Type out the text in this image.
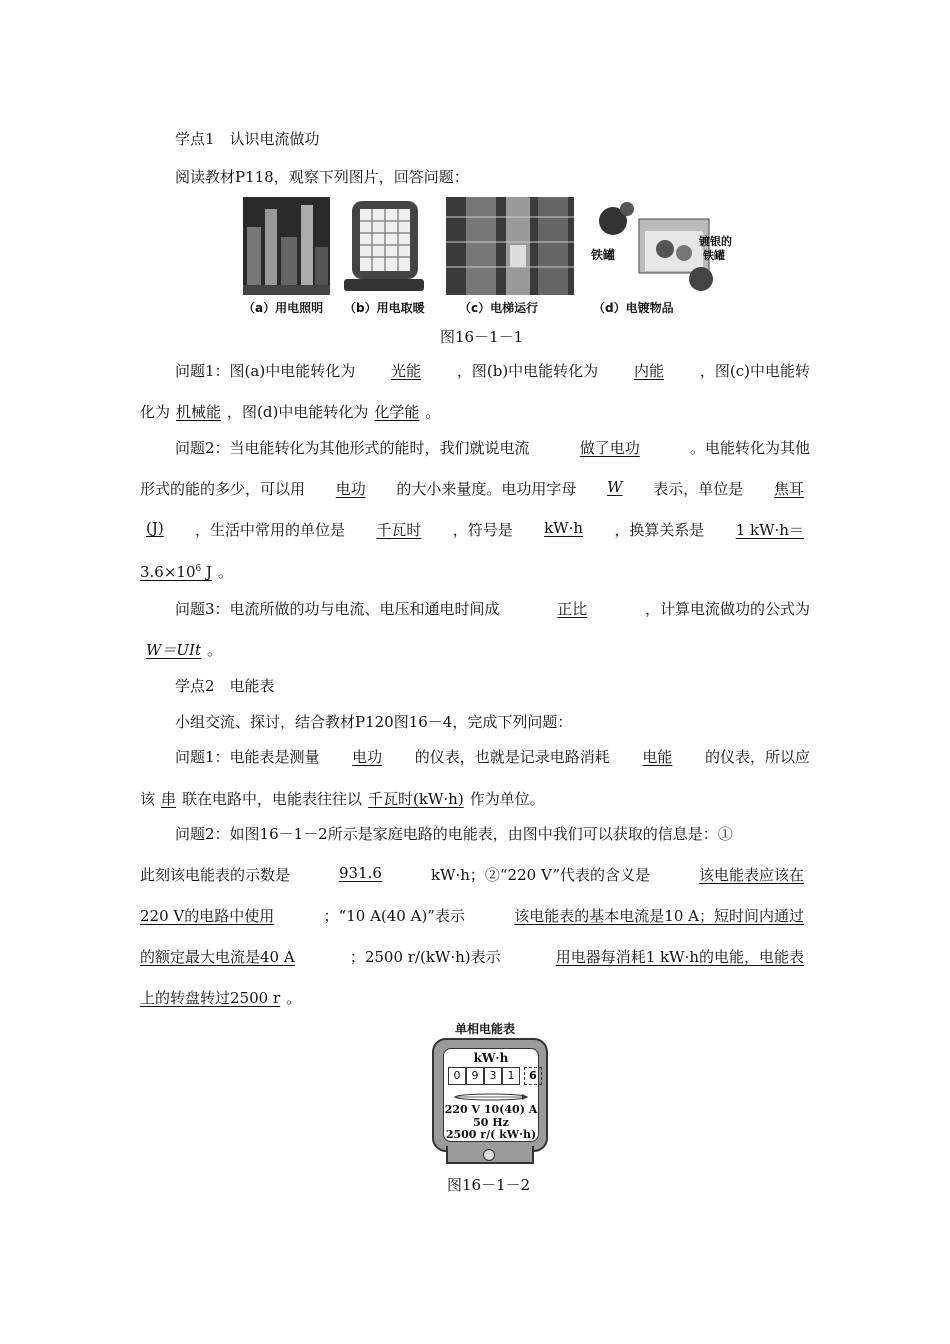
学点1　认识电流做功
阅读教材P118，观察下列图片，回答问题：
铁罐
镀银的
铁罐
（a）用电照明 （b）用电取暖	（c）电梯运行	（d）电镀物品
图16－1－1
问题1：图(a)中电能转化为	光能	，图(b)中电能转化为	内能	，图(c)中电能转
化为 机械能 ，图(d)中电能转化为 化学能 。
问题2：当电能转化为其他形式的能时，我们就说电流	做了电功	。电能转化为其他
形式的能的多少，可以用	电功	的大小来量度。电功用字母	W	表示，单位是	焦耳
(J)	，生活中常用的单位是	千瓦时	，符号是	kW·h	，换算关系是	1 kW·h＝
$3.6\times 10^6$ J 。
问题3：电流所做的功与电流、电压和通电时间成	正比	，计算电流做功的公式为
W＝UIt 。
学点2　电能表
小组交流、探讨，结合教材P120图16－4，完成下列问题：
问题1：电能表是测量	电功	的仪表，也就是记录电路消耗	电能	的仪表，所以应
该 串 联在电路中，电能表往往以 千瓦时(kW·h) 作为单位。
问题2：如图16－1－2所示是家庭电路的电能表，由图中我们可以获取的信息是：①
此刻该电能表的示数是	931.6	kW·h；②“220 V”代表的含义是	该电能表应该在
220 V的电路中使用	；“10 A(40 A)”表示	该电能表的基本电流是10 A；短时间内通过
的额定最大电流是40 A	；2500 r/(kW·h)表示	用电器每消耗1 kW·h的电能，电能表
上的转盘转过2500 r 。
单相电能表
kW·h
0	9	3	1	6
220 V 10(40) A
50 Hz
2500 r/( kW·h)
图16－1－2
